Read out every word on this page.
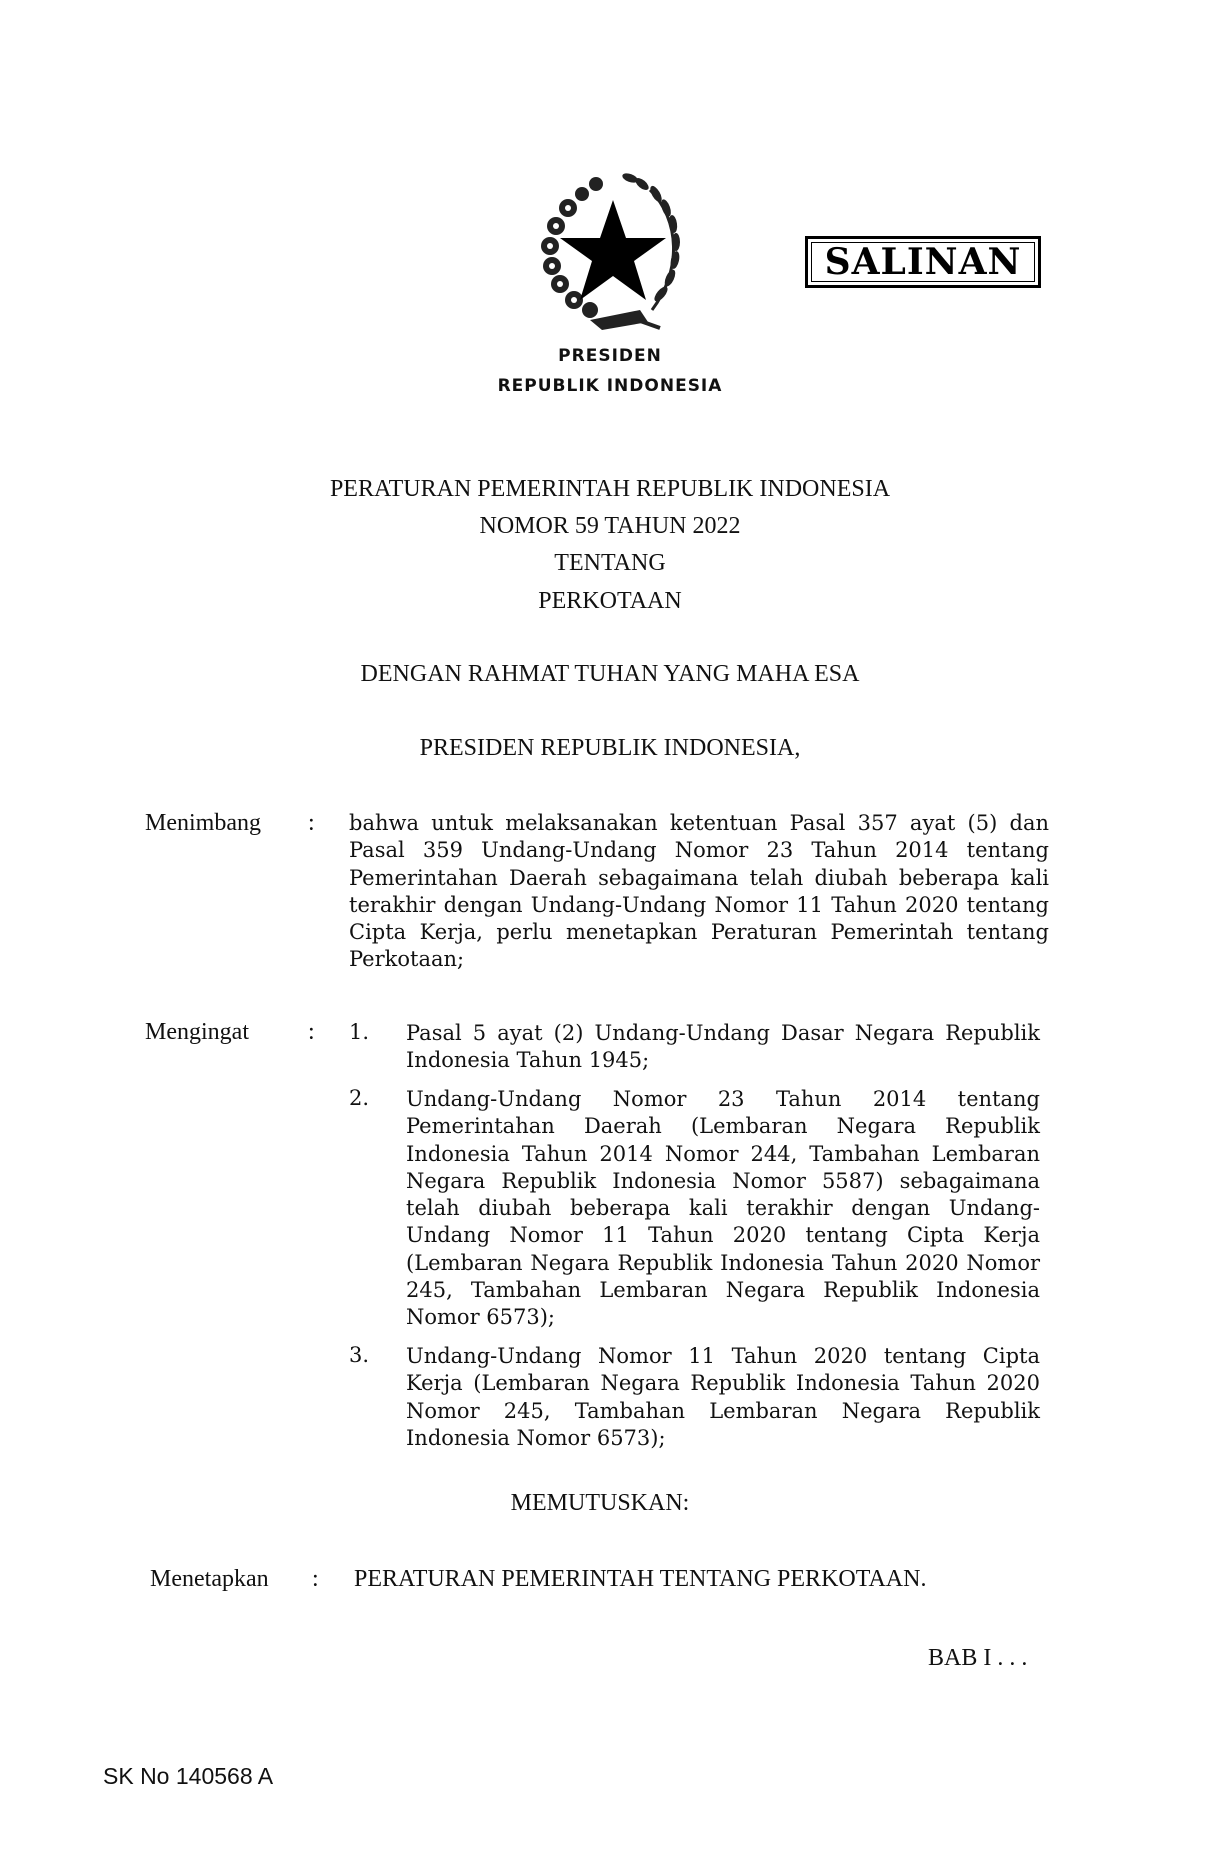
SALINAN
PRESIDEN
REPUBLIK INDONESIA
PERATURAN PEMERINTAH REPUBLIK INDONESIA
NOMOR 59 TAHUN 2022
TENTANG
PERKOTAAN
DENGAN RAHMAT TUHAN YANG MAHA ESA
PRESIDEN REPUBLIK INDONESIA,
Menimbang : bahwa untuk melaksanakan ketentuan Pasal 357 ayat (5) dan Pasal 359 Undang-Undang Nomor 23 Tahun 2014 tentang Pemerintahan Daerah sebagaimana telah diubah beberapa kali terakhir dengan Undang-Undang Nomor 11 Tahun 2020 tentang Cipta Kerja, perlu menetapkan Peraturan Pemerintah tentang Perkotaan;
Mengingat : 1. Pasal 5 ayat (2) Undang-Undang Dasar Negara Republik Indonesia Tahun 1945;
2. Undang-Undang Nomor 23 Tahun 2014 tentang Pemerintahan Daerah (Lembaran Negara Republik Indonesia Tahun 2014 Nomor 244, Tambahan Lembaran Negara Republik Indonesia Nomor 5587) sebagaimana telah diubah beberapa kali terakhir dengan Undang-Undang Nomor 11 Tahun 2020 tentang Cipta Kerja (Lembaran Negara Republik Indonesia Tahun 2020 Nomor 245, Tambahan Lembaran Negara Republik Indonesia Nomor 6573);
3. Undang-Undang Nomor 11 Tahun 2020 tentang Cipta Kerja (Lembaran Negara Republik Indonesia Tahun 2020 Nomor 245, Tambahan Lembaran Negara Republik Indonesia Nomor 6573);
MEMUTUSKAN:
Menetapkan : PERATURAN PEMERINTAH TENTANG PERKOTAAN.
BAB I . . .
SK No 140568 A
